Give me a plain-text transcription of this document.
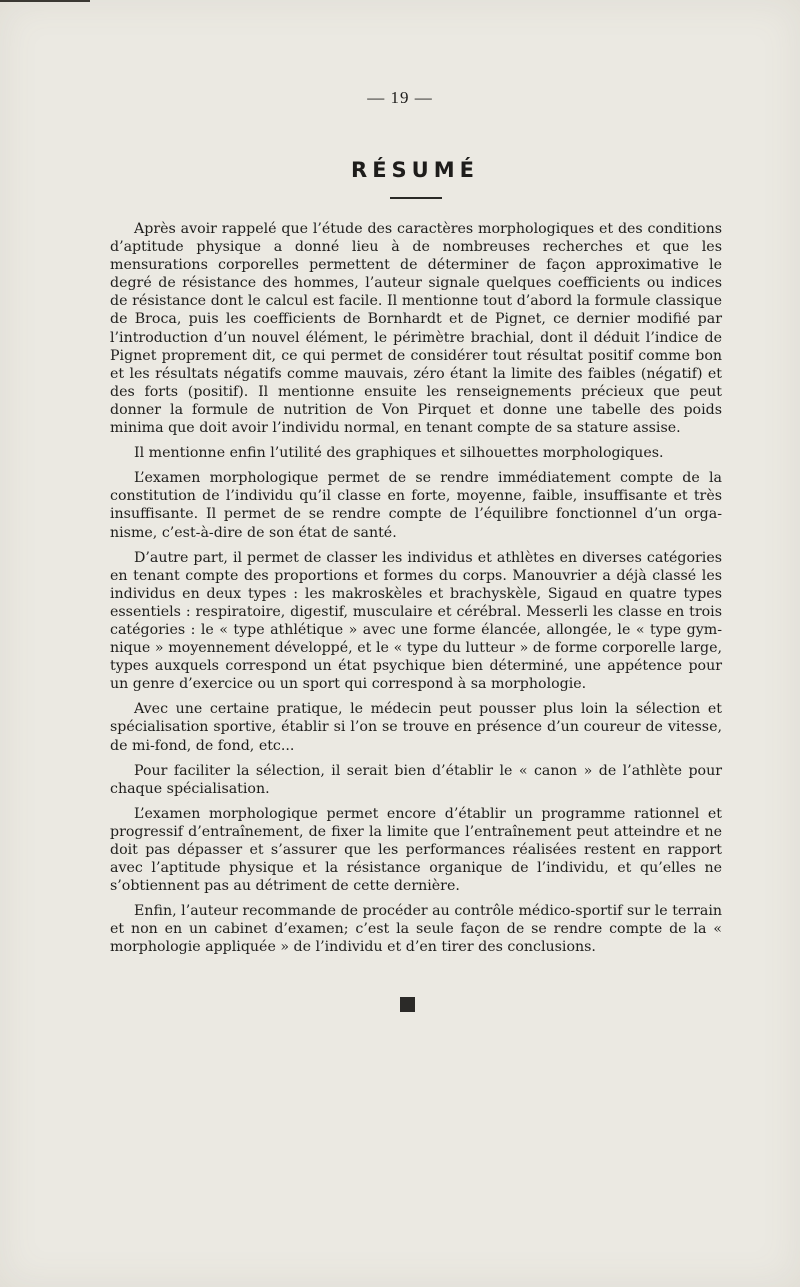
— 19 —
RÉSUMÉ

Après avoir rappelé que l’étude des caractères morphologiques et des conditions d’aptitude physique a donné lieu à de nombreuses recherches et que les mensurations corporelles permettent de déterminer de façon approximative le degré de résistance des hommes, l’auteur signale quelques coefficients ou indices de résistance dont le calcul est facile. Il mentionne tout d’abord la formule classique de Broca, puis les coefficients de Bornhardt et de Pignet, ce dernier modifié par l’introduction d’un nouvel élément, le périmètre brachial, dont il déduit l’indice de Pignet proprement dit, ce qui permet de considérer tout résultat positif comme bon et les résultats négatifs comme mauvais, zéro étant la limite des faibles (négatif) et des forts (positif). Il mentionne ensuite les renseignements précieux que peut donner la formule de nutrition de Von Pirquet et donne une tabelle des poids minima que doit avoir l’individu normal, en tenant compte de sa stature assise.

Il mentionne enfin l’utilité des graphiques et silhouettes morphologiques.

L’examen morphologique permet de se rendre immédiatement compte de la constitution de l’individu qu’il classe en forte, moyenne, faible, insuffisante et très insuffisante. Il permet de se rendre compte de l’équilibre fonctionnel d’un organisme, c’est-à-dire de son état de santé.

D’autre part, il permet de classer les individus et athlètes en diverses catégories en tenant compte des proportions et formes du corps. Manouvrier a déjà classé les individus en deux types : les makroskèles et brachyskèle, Sigaud en quatre types essentiels : respiratoire, digestif, musculaire et cérébral. Messerli les classe en trois catégories : le « type athlétique » avec une forme élancée, allongée, le « type gymnique » moyennement développé, et le « type du lutteur » de forme corporelle large, types auxquels correspond un état psychique bien déterminé, une appétence pour un genre d’exercice ou un sport qui correspond à sa morphologie.

Avec une certaine pratique, le médecin peut pousser plus loin la sélection et spécialisation sportive, établir si l’on se trouve en présence d’un coureur de vitesse, de mi-fond, de fond, etc...

Pour faciliter la sélection, il serait bien d’établir le « canon » de l’athlète pour chaque spécialisation.

L’examen morphologique permet encore d’établir un programme rationnel et progressif d’entraînement, de fixer la limite que l’entraînement peut atteindre et ne doit pas dépasser et s’assurer que les performances réalisées restent en rapport avec l’aptitude physique et la résistance organique de l’individu, et qu’elles ne s’obtiennent pas au détriment de cette dernière.

Enfin, l’auteur recommande de procéder au contrôle médico-sportif sur le terrain et non en un cabinet d’examen; c’est la seule façon de se rendre compte de la « morphologie appliquée » de l’individu et d’en tirer des conclusions.
